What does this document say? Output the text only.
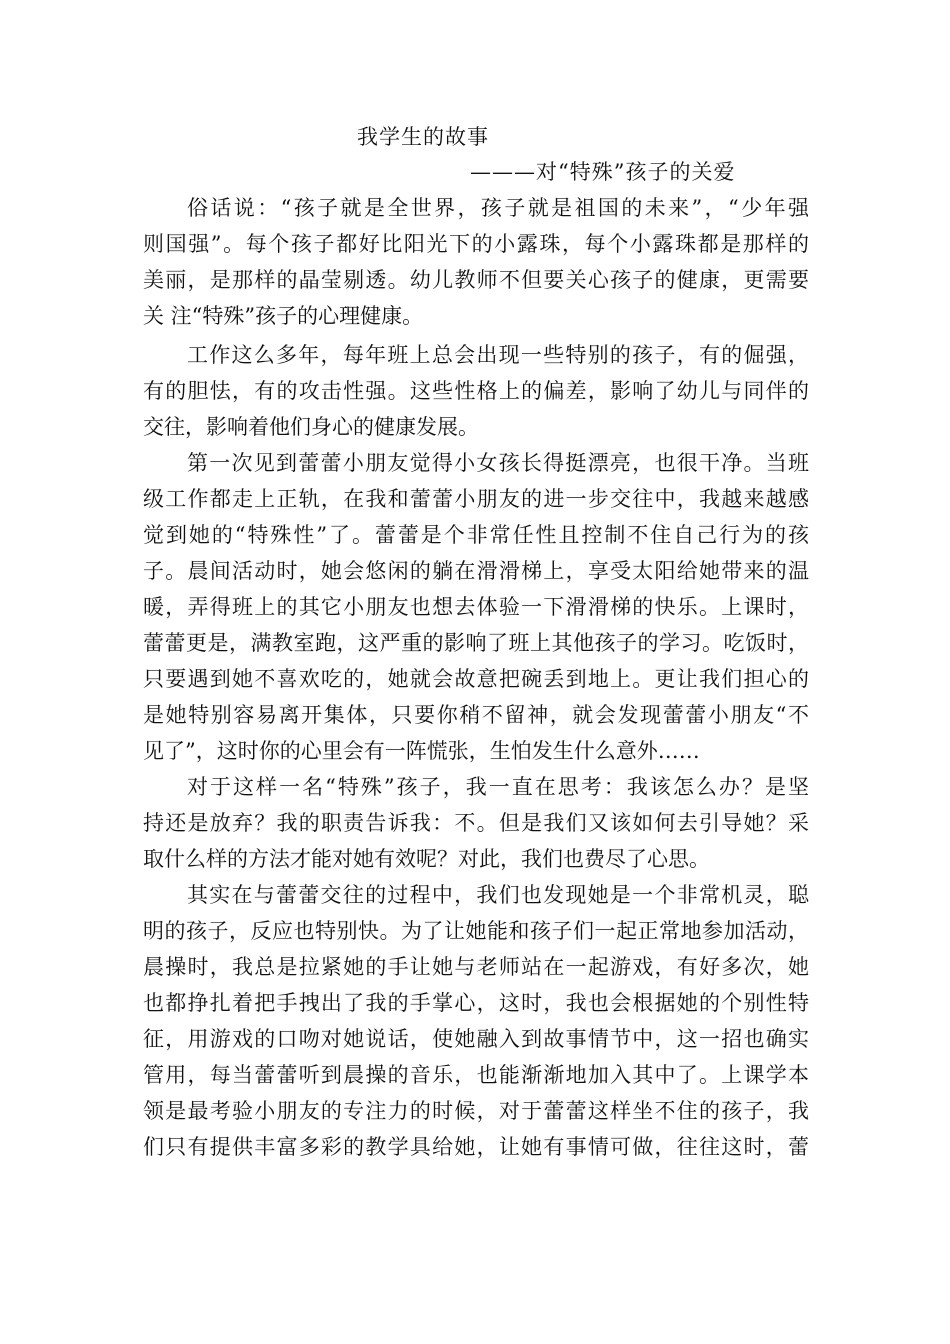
我学生的故事
———对“特殊”孩子的关爱
俗话说：“孩子就是全世界，孩子就是祖国的未来”，“少年强
则国强”。每个孩子都好比阳光下的小露珠，每个小露珠都是那样的
美丽，是那样的晶莹剔透。幼儿教师不但要关心孩子的健康，更需要
关 注“特殊”孩子的心理健康。
工作这么多年，每年班上总会出现一些特别的孩子，有的倔强，
有的胆怯，有的攻击性强。这些性格上的偏差，影响了幼儿与同伴的
交往，影响着他们身心的健康发展。
第一次见到蕾蕾小朋友觉得小女孩长得挺漂亮，也很干净。当班
级工作都走上正轨，在我和蕾蕾小朋友的进一步交往中，我越来越感
觉到她的“特殊性”了。蕾蕾是个非常任性且控制不住自己行为的孩
子。晨间活动时，她会悠闲的躺在滑滑梯上，享受太阳给她带来的温
暖，弄得班上的其它小朋友也想去体验一下滑滑梯的快乐。上课时，
蕾蕾更是，满教室跑，这严重的影响了班上其他孩子的学习。吃饭时，
只要遇到她不喜欢吃的，她就会故意把碗丢到地上。更让我们担心的
是她特别容易离开集体，只要你稍不留神，就会发现蕾蕾小朋友“不
见了”，这时你的心里会有一阵慌张，生怕发生什么意外……
对于这样一名“特殊”孩子，我一直在思考：我该怎么办？是坚
持还是放弃？我的职责告诉我：不。但是我们又该如何去引导她？采
取什么样的方法才能对她有效呢？对此，我们也费尽了心思。
其实在与蕾蕾交往的过程中，我们也发现她是一个非常机灵，聪
明的孩子，反应也特别快。为了让她能和孩子们一起正常地参加活动，
晨操时，我总是拉紧她的手让她与老师站在一起游戏，有好多次，她
也都挣扎着把手拽出了我的手掌心，这时，我也会根据她的个别性特
征，用游戏的口吻对她说话，使她融入到故事情节中，这一招也确实
管用，每当蕾蕾听到晨操的音乐，也能渐渐地加入其中了。上课学本
领是最考验小朋友的专注力的时候，对于蕾蕾这样坐不住的孩子，我
们只有提供丰富多彩的教学具给她，让她有事情可做，往往这时，蕾
